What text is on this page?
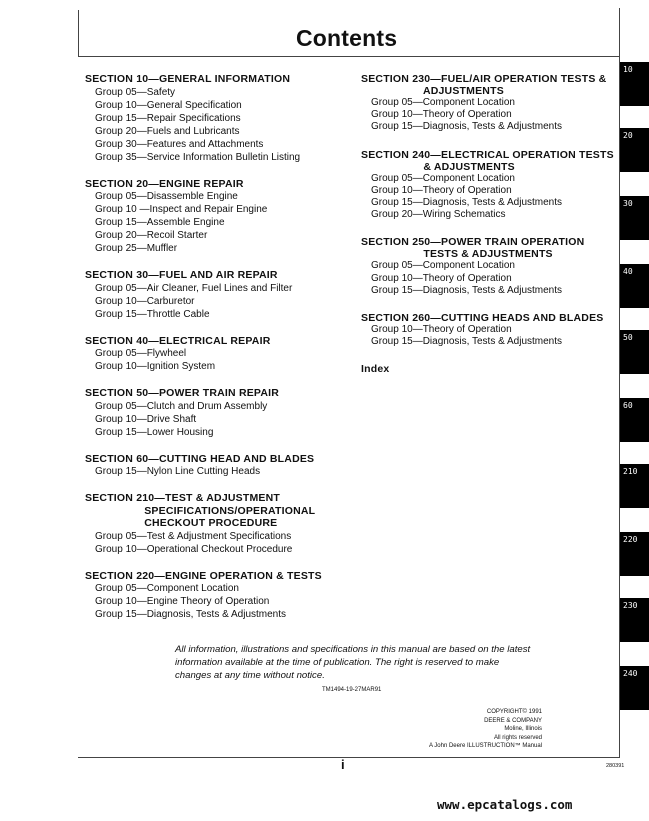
Contents
SECTION 10—GENERAL INFORMATION
Group 05—Safety
Group 10—General Specification
Group 15—Repair Specifications
Group 20—Fuels and Lubricants
Group 30—Features and Attachments
Group 35—Service Information Bulletin Listing
SECTION 20—ENGINE REPAIR
Group 05—Disassemble Engine
Group 10 —Inspect and Repair Engine
Group 15—Assemble Engine
Group 20—Recoil Starter
Group 25—Muffler
SECTION 30—FUEL AND AIR REPAIR
Group 05—Air Cleaner, Fuel Lines and Filter
Group 10—Carburetor
Group 15—Throttle Cable
SECTION 40—ELECTRICAL REPAIR
Group 05—Flywheel
Group 10—Ignition System
SECTION 50—POWER TRAIN REPAIR
Group 05—Clutch and Drum Assembly
Group 10—Drive Shaft
Group 15—Lower Housing
SECTION 60—CUTTING HEAD AND BLADES
Group 15—Nylon Line Cutting Heads
SECTION 210—TEST & ADJUSTMENT
SPECIFICATIONS/OPERATIONAL
CHECKOUT PROCEDURE
Group 05—Test & Adjustment Specifications
Group 10—Operational Checkout Procedure
SECTION 220—ENGINE OPERATION & TESTS
Group 05—Component Location
Group 10—Engine Theory of Operation
Group 15—Diagnosis, Tests & Adjustments
SECTION 230—FUEL/AIR OPERATION TESTS &
ADJUSTMENTS
Group 05—Component Location
Group 10—Theory of Operation
Group 15—Diagnosis, Tests & Adjustments
SECTION 240—ELECTRICAL OPERATION TESTS
& ADJUSTMENTS
Group 05—Component Location
Group 10—Theory of Operation
Group 15—Diagnosis, Tests & Adjustments
Group 20—Wiring Schematics
SECTION 250—POWER TRAIN OPERATION
TESTS & ADJUSTMENTS
Group 05—Component Location
Group 10—Theory of Operation
Group 15—Diagnosis, Tests & Adjustments
SECTION 260—CUTTING HEADS AND BLADES
Group 10—Theory of Operation
Group 15—Diagnosis, Tests & Adjustments
Index
10
20
30
40
50
60
210
220
230
240
All information, illustrations and specifications in this manual are based on the latest information available at the time of publication. The right is reserved to make changes at any time without notice.
TM1494-19-27MAR91
COPYRIGHT© 1991
DEERE & COMPANY
Moline, Illinois
All rights reserved
A John Deere ILLUSTRUCTION™ Manual
i	280391
www.epcatalogs.com
